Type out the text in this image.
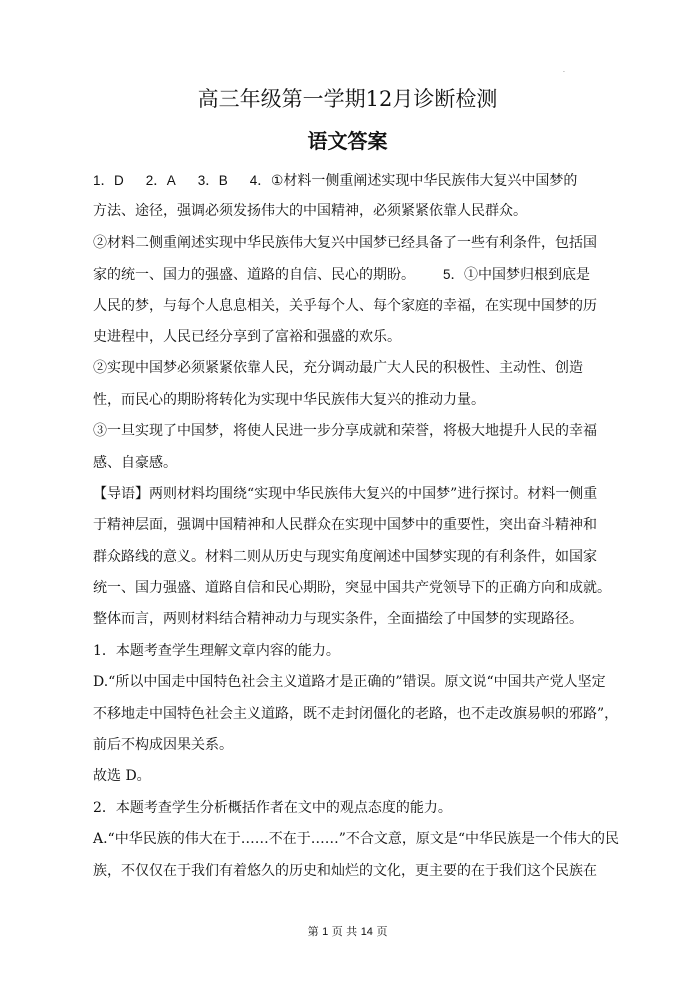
.
高三年级第一学期12月诊断检测
语文答案
1．D 2．A 3．B 4．①材料一侧重阐述实现中华民族伟大复兴中国梦的
方法、途径，强调必须发扬伟大的中国精神，必须紧紧依靠人民群众。
②材料二侧重阐述实现中华民族伟大复兴中国梦已经具备了一些有利条件，包括国
家的统一、国力的强盛、道路的自信、民心的期盼。 5．①中国梦归根到底是
人民的梦，与每个人息息相关，关乎每个人、每个家庭的幸福，在实现中国梦的历
史进程中，人民已经分享到了富裕和强盛的欢乐。
②实现中国梦必须紧紧依靠人民，充分调动最广大人民的积极性、主动性、创造
性，而民心的期盼将转化为实现中华民族伟大复兴的推动力量。
③一旦实现了中国梦，将使人民进一步分享成就和荣誉，将极大地提升人民的幸福
感、自豪感。
【导语】两则材料均围绕“实现中华民族伟大复兴的中国梦”进行探讨。材料一侧重
于精神层面，强调中国精神和人民群众在实现中国梦中的重要性，突出奋斗精神和
群众路线的意义。材料二则从历史与现实角度阐述中国梦实现的有利条件，如国家
统一、国力强盛、道路自信和民心期盼，突显中国共产党领导下的正确方向和成就。
整体而言，两则材料结合精神动力与现实条件，全面描绘了中国梦的实现路径。
1．本题考查学生理解文章内容的能力。
D.“所以中国走中国特色社会主义道路才是正确的”错误。原文说“中国共产党人坚定
不移地走中国特色社会主义道路，既不走封闭僵化的老路，也不走改旗易帜的邪路”，
前后不构成因果关系。
故选 D。
2．本题考查学生分析概括作者在文中的观点态度的能力。
A.“中华民族的伟大在于……不在于……”不合文意，原文是“中华民族是一个伟大的民
族，不仅仅在于我们有着悠久的历史和灿烂的文化，更主要的在于我们这个民族在
第 1 页 共 14 页
